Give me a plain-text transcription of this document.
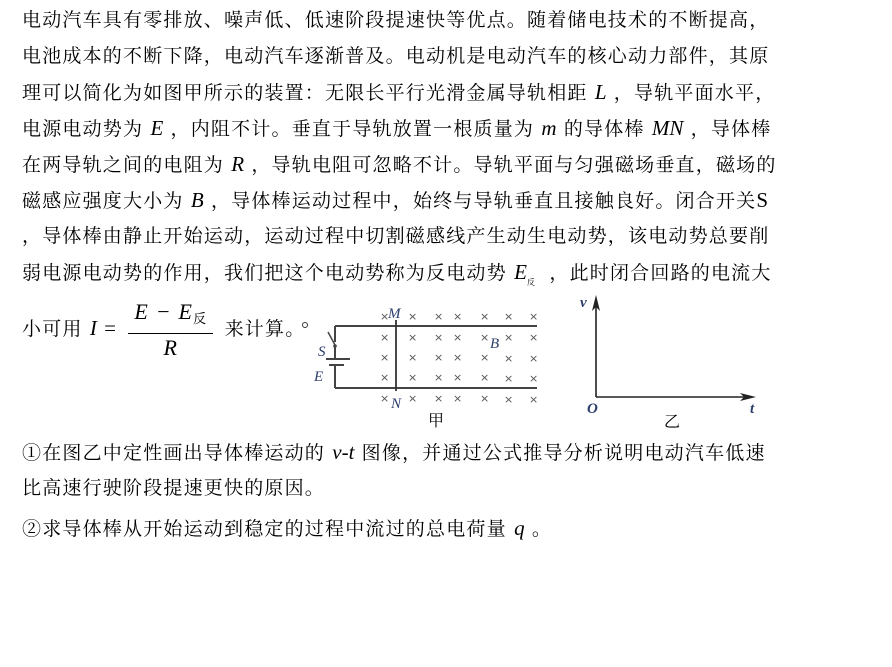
电动汽车具有零排放、噪声低、低速阶段提速快等优点。随着储电技术的不断提高，
电池成本的不断下降，电动汽车逐渐普及。电动机是电动汽车的核心动力部件，其原
理可以简化为如图甲所示的装置：无限长平行光滑金属导轨相距 L ，导轨平面水平，
电源电动势为 E ，内阻不计。垂直于导轨放置一根质量为 m 的导体棒 MN ，导体棒
在两导轨之间的电阻为 R ，导轨电阻可忽略不计。导轨平面与匀强磁场垂直，磁场的
磁感应强度大小为 B ，导体棒运动过程中，始终与导轨垂直且接触良好。闭合开关S
，导体棒由静止开始运动，运动过程中切割磁感线产生动生电动势，该电动势总要削
弱电源电动势的作用，我们把这个电动势称为反电动势 $E_反$ ，此时闭合回路的电流大
小可用 $I = \frac{\text{E − E反}}{R}$ 来计算。
M
N
B
S
E
× × × × × × ×
× × × × × × ×
× × × × × × ×
× × × × × × ×
× × × × × × ×
甲
v
O	t
乙
①在图乙中定性画出导体棒运动的 v-t 图像，并通过公式推导分析说明电动汽车低速
比高速行驶阶段提速更快的原因。
②求导体棒从开始运动到稳定的过程中流过的总电荷量 q 。
